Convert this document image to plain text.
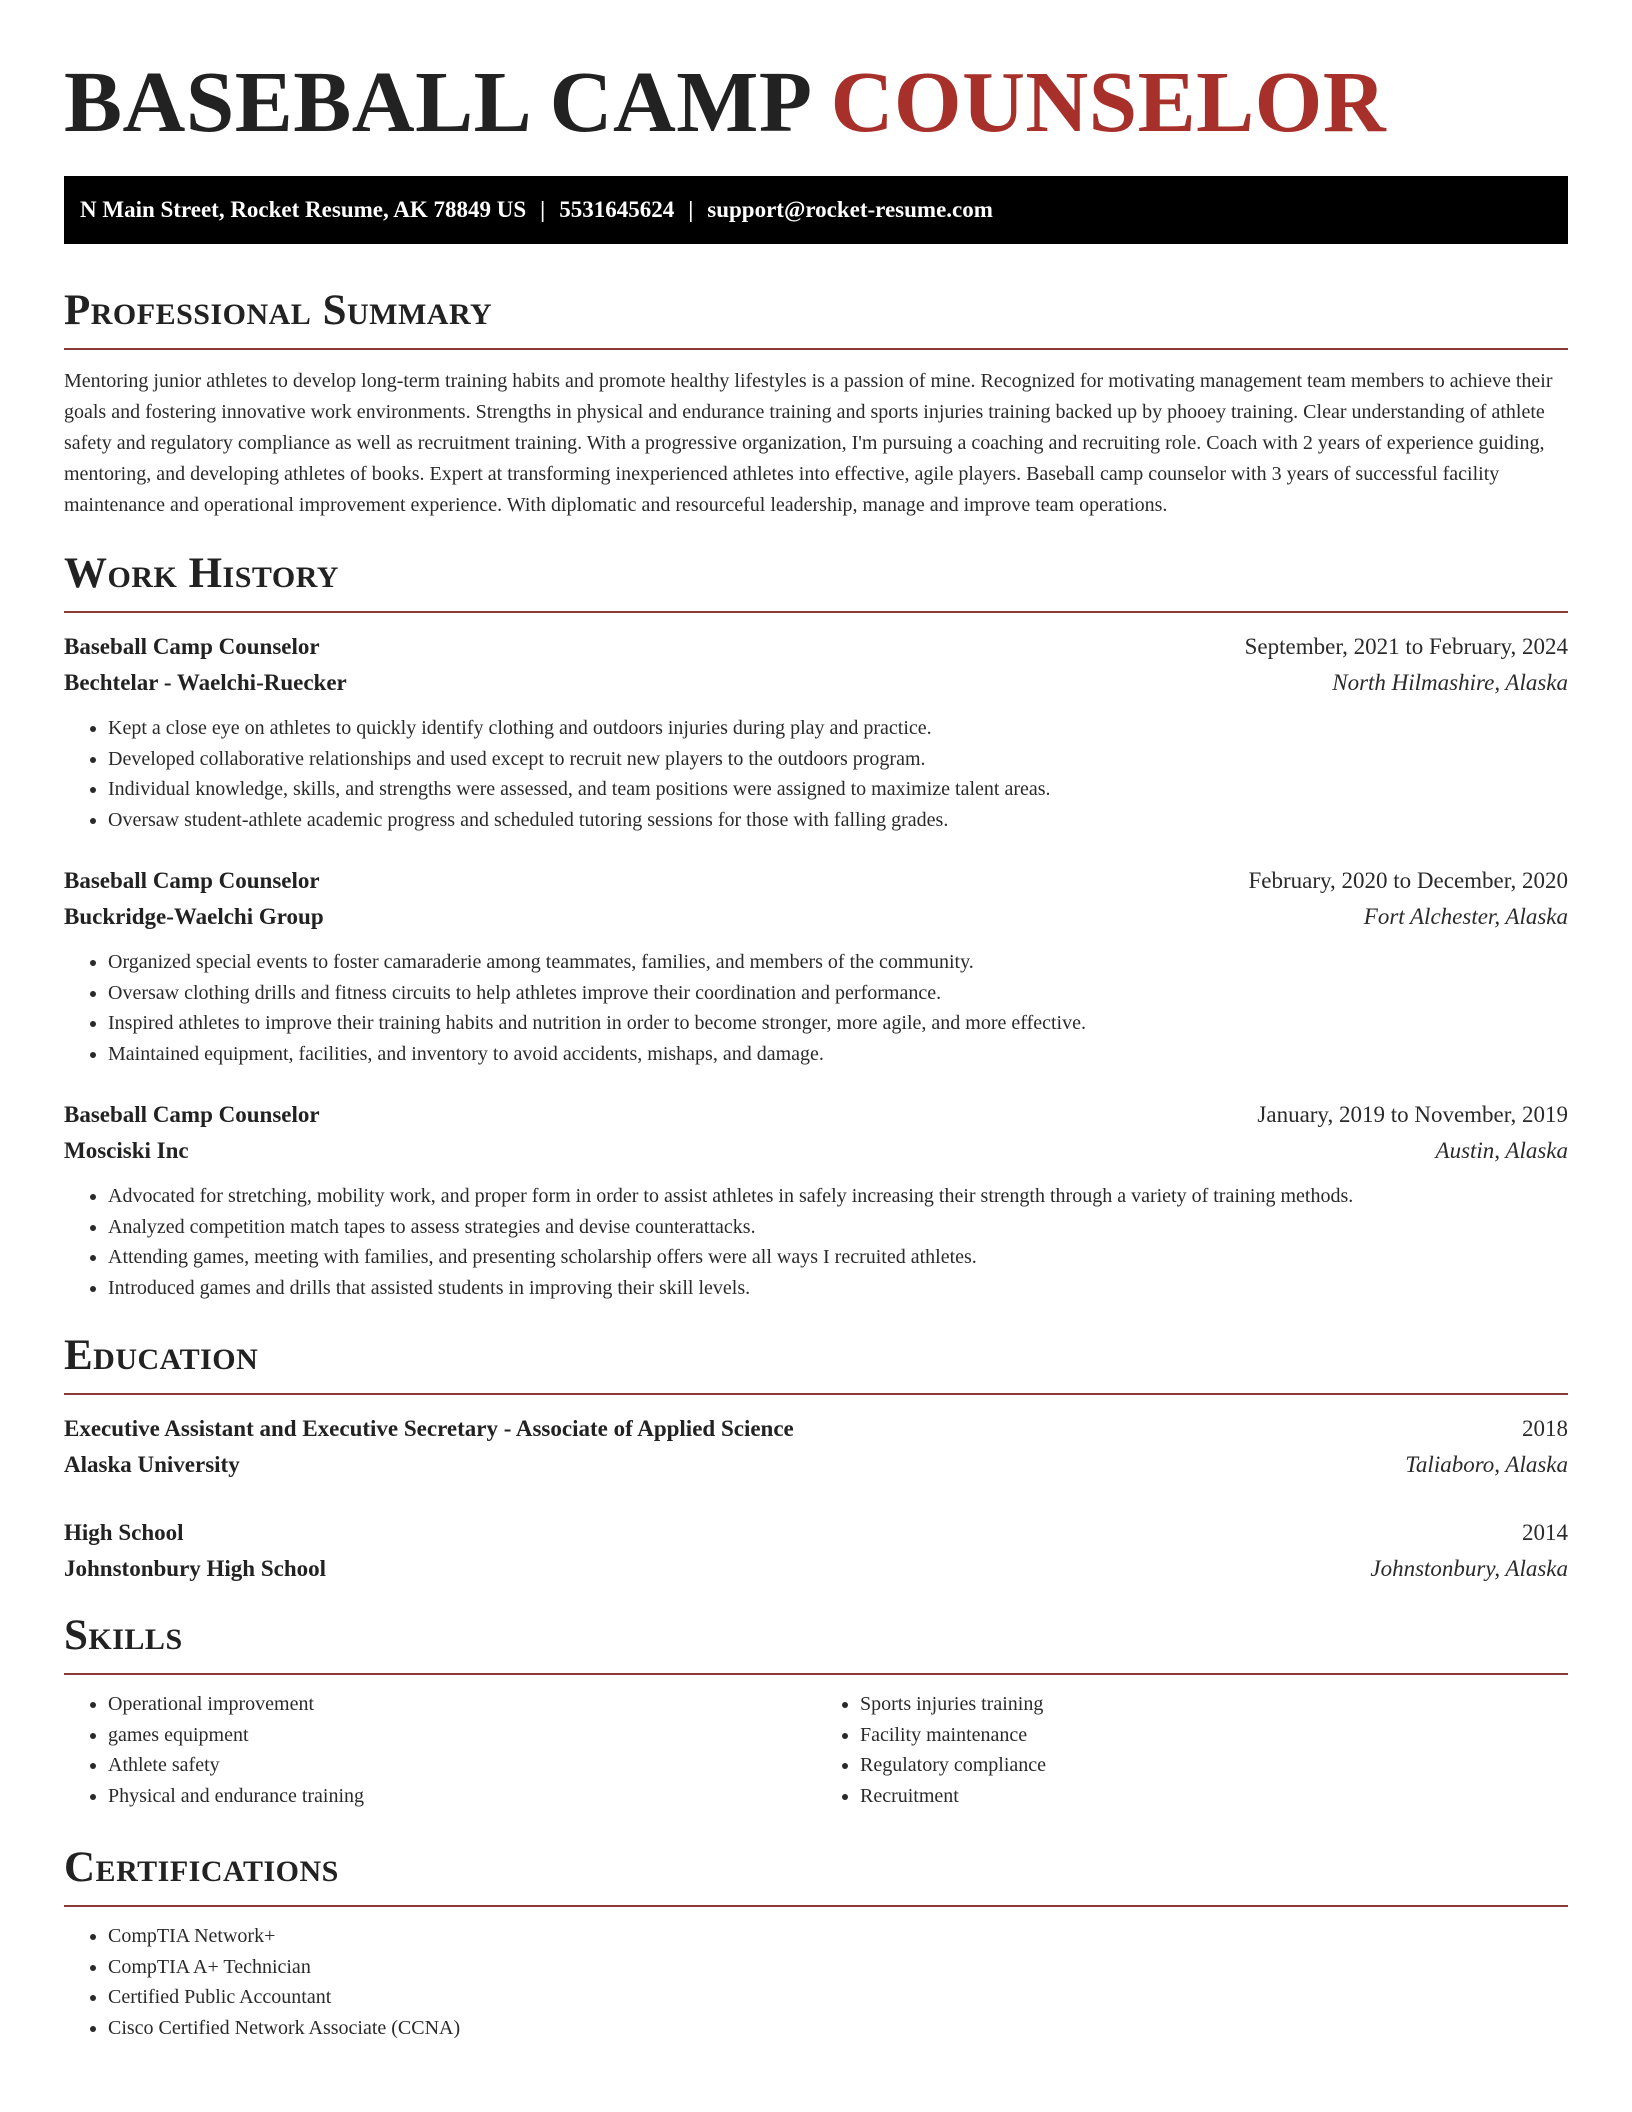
BASEBALL CAMP COUNSELOR
N Main Street, Rocket Resume, AK 78849 US | 5531645624 | support@rocket-resume.com
Professional Summary

Mentoring junior athletes to develop long-term training habits and promote healthy lifestyles is a passion of mine. Recognized for motivating management team members to achieve their goals and fostering innovative work environments. Strengths in physical and endurance training and sports injuries training backed up by phooey training. Clear understanding of athlete safety and regulatory compliance as well as recruitment training. With a progressive organization, I'm pursuing a coaching and recruiting role. Coach with 2 years of experience guiding, mentoring, and developing athletes of books. Expert at transforming inexperienced athletes into effective, agile players. Baseball camp counselor with 3 years of successful facility maintenance and operational improvement experience. With diplomatic and resourceful leadership, manage and improve team operations.

Work History
Baseball Camp Counselor	September, 2021 to February, 2024
Bechtelar - Waelchi-Ruecker	North Hilmashire, Alaska
• Kept a close eye on athletes to quickly identify clothing and outdoors injuries during play and practice.
• Developed collaborative relationships and used except to recruit new players to the outdoors program.
• Individual knowledge, skills, and strengths were assessed, and team positions were assigned to maximize talent areas.
• Oversaw student-athlete academic progress and scheduled tutoring sessions for those with falling grades.
Baseball Camp Counselor	February, 2020 to December, 2020
Buckridge-Waelchi Group	Fort Alchester, Alaska
• Organized special events to foster camaraderie among teammates, families, and members of the community.
• Oversaw clothing drills and fitness circuits to help athletes improve their coordination and performance.
• Inspired athletes to improve their training habits and nutrition in order to become stronger, more agile, and more effective.
• Maintained equipment, facilities, and inventory to avoid accidents, mishaps, and damage.
Baseball Camp Counselor	January, 2019 to November, 2019
Mosciski Inc	Austin, Alaska
• Advocated for stretching, mobility work, and proper form in order to assist athletes in safely increasing their strength through a variety of training methods.
• Analyzed competition match tapes to assess strategies and devise counterattacks.
• Attending games, meeting with families, and presenting scholarship offers were all ways I recruited athletes.
• Introduced games and drills that assisted students in improving their skill levels.
Education
Executive Assistant and Executive Secretary - Associate of Applied Science	2018
Alaska University	Taliaboro, Alaska
High School	2014
Johnstonbury High School	Johnstonbury, Alaska
Skills
• Operational improvement
• games equipment
• Athlete safety
• Physical and endurance training
• Sports injuries training
• Facility maintenance
• Regulatory compliance
• Recruitment
Certifications
• CompTIA Network+
• CompTIA A+ Technician
• Certified Public Accountant
• Cisco Certified Network Associate (CCNA)
